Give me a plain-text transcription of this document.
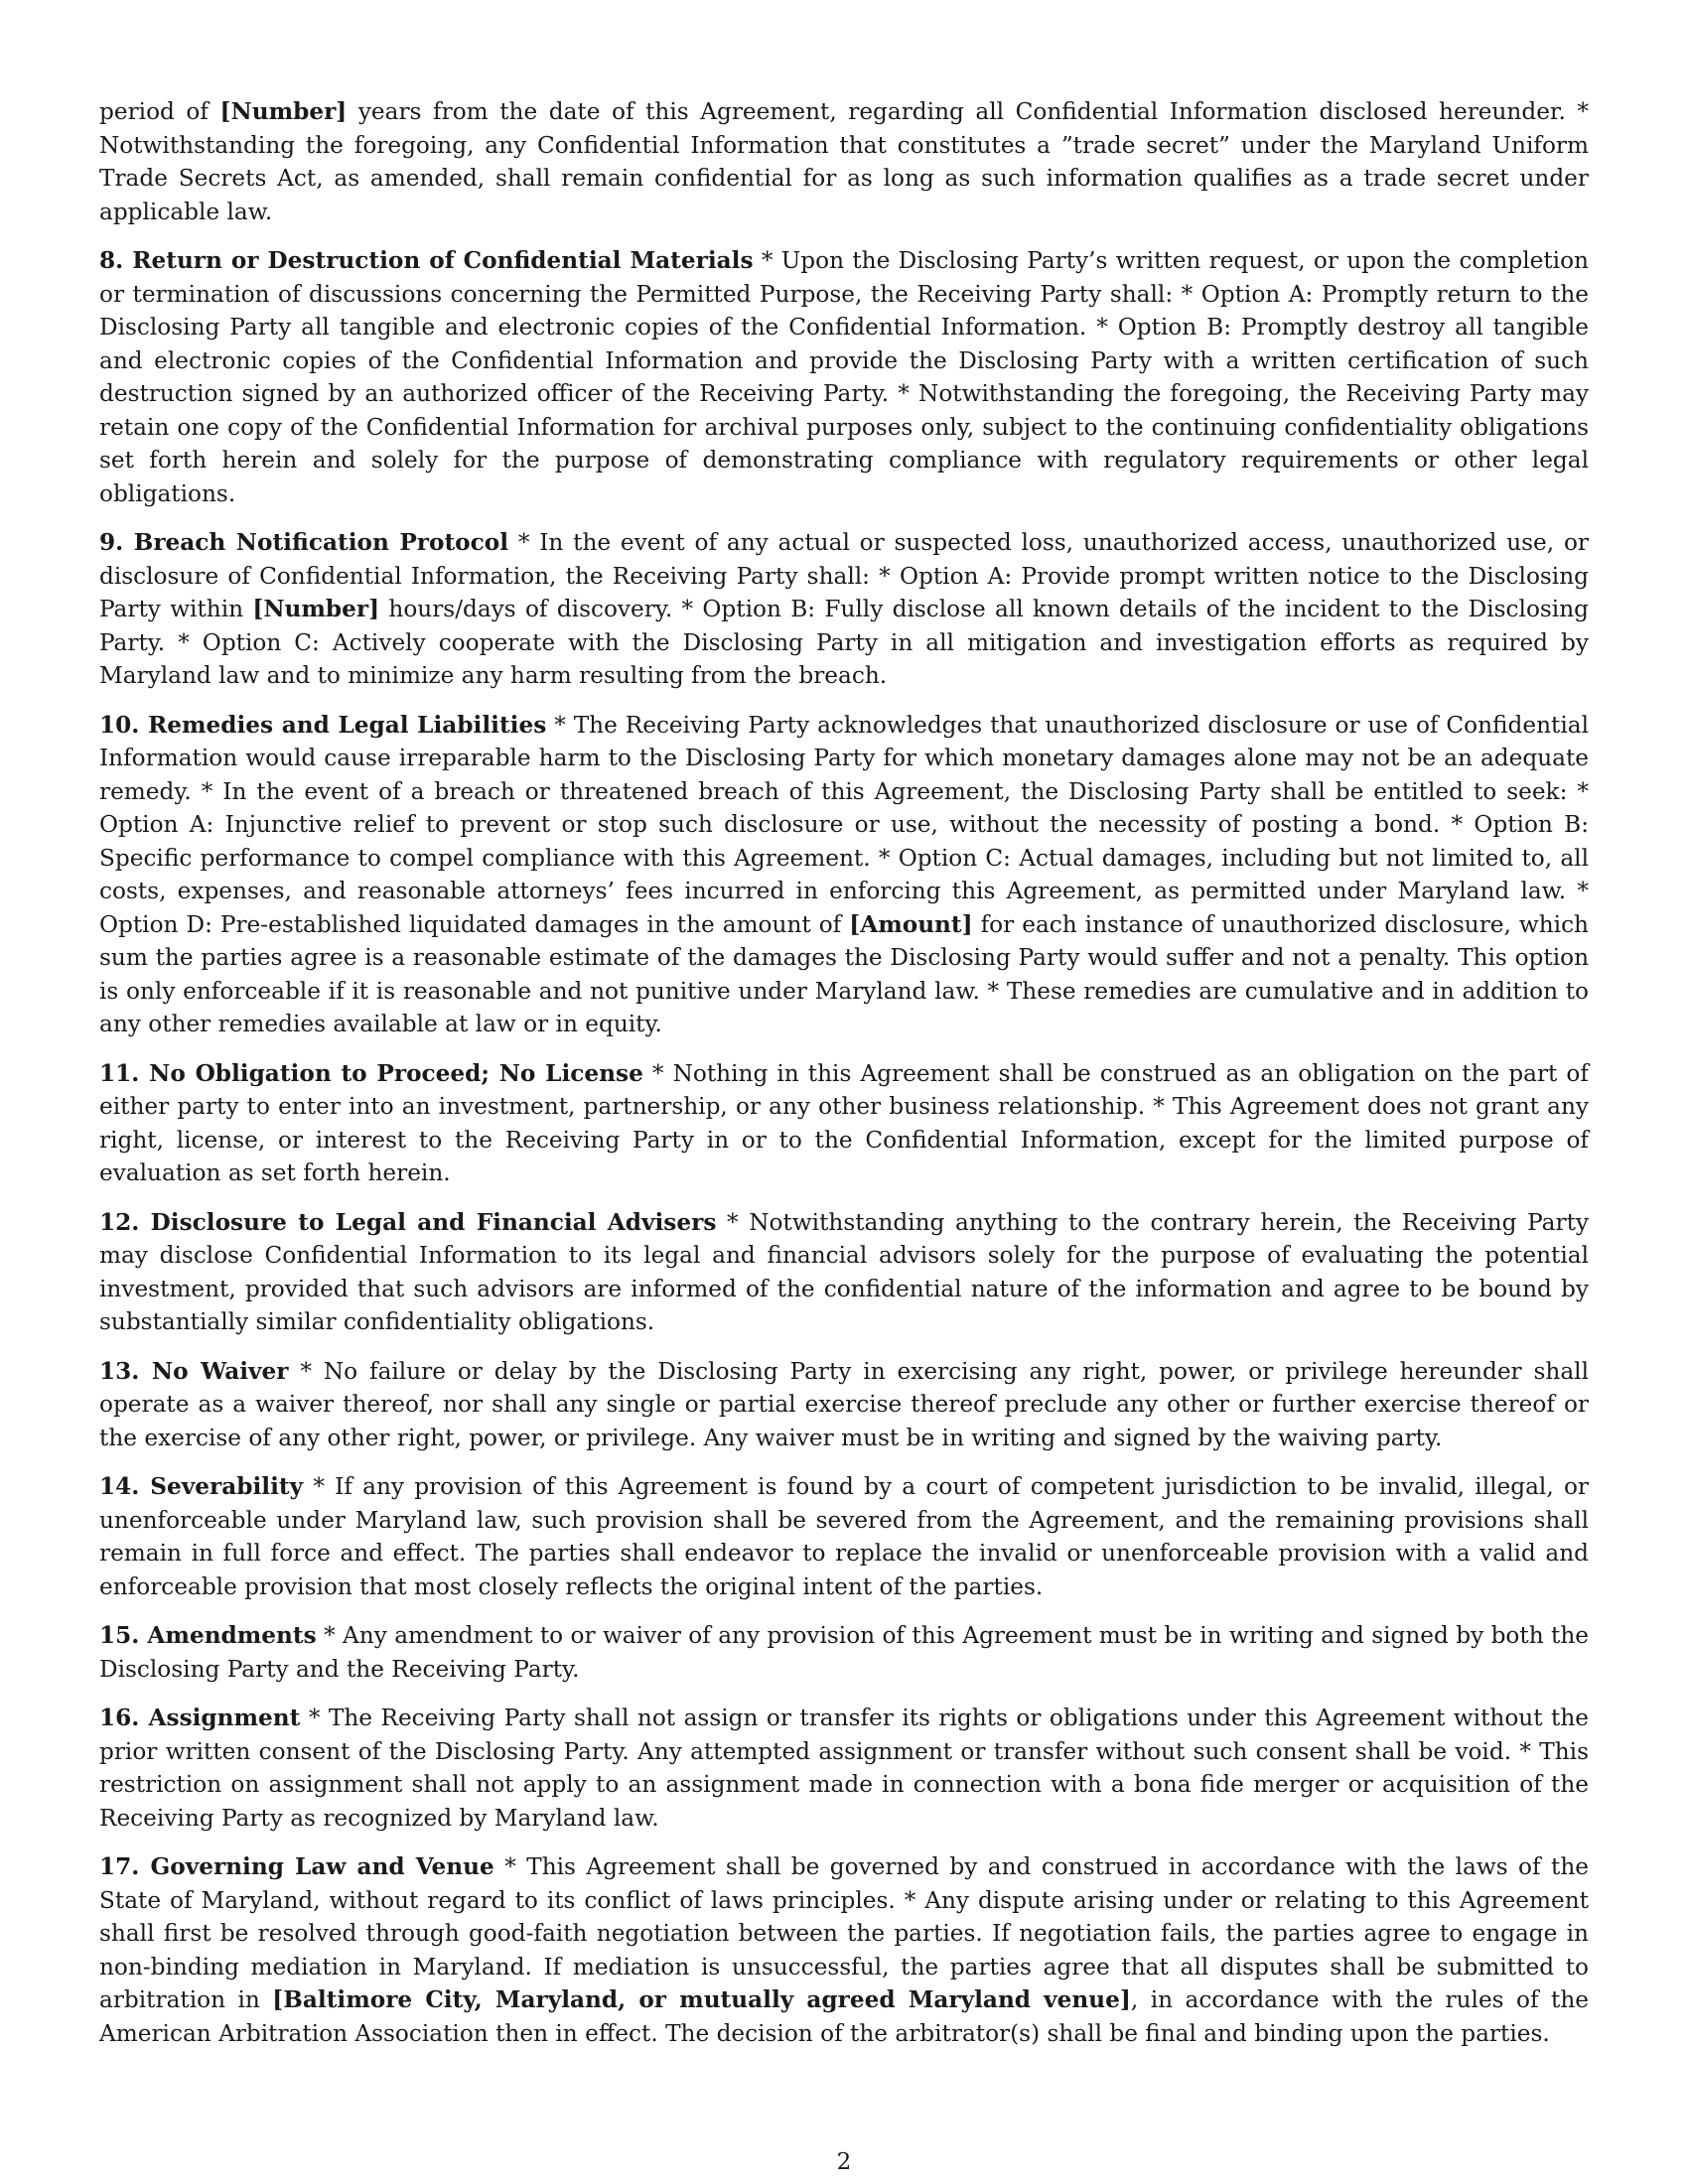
period of [Number] years from the date of this Agreement, regarding all Confidential Information disclosed hereunder. * Notwithstanding the foregoing, any Confidential Information that constitutes a ”trade secret” under the Maryland Uniform Trade Secrets Act, as amended, shall remain confidential for as long as such information qualifies as a trade secret under applicable law.

8. Return or Destruction of Confidential Materials * Upon the Disclosing Party’s written request, or upon the completion or termination of discussions concerning the Permitted Purpose, the Receiving Party shall: * Option A: Promptly return to the Disclosing Party all tangible and electronic copies of the Confidential Information. * Option B: Promptly destroy all tangible and electronic copies of the Confidential Information and provide the Disclosing Party with a written certification of such destruction signed by an authorized officer of the Receiving Party. * Notwithstanding the foregoing, the Receiving Party may retain one copy of the Confidential Information for archival purposes only, subject to the continuing confidentiality obligations set forth herein and solely for the purpose of demonstrating compliance with regulatory requirements or other legal obligations.

9. Breach Notification Protocol * In the event of any actual or suspected loss, unauthorized access, unauthorized use, or disclosure of Confidential Information, the Receiving Party shall: * Option A: Provide prompt written notice to the Disclosing Party within [Number] hours/days of discovery. * Option B: Fully disclose all known details of the incident to the Disclosing Party. * Option C: Actively cooperate with the Disclosing Party in all mitigation and investigation efforts as required by Maryland law and to minimize any harm resulting from the breach.

10. Remedies and Legal Liabilities * The Receiving Party acknowledges that unauthorized disclosure or use of Confidential Information would cause irreparable harm to the Disclosing Party for which monetary damages alone may not be an adequate remedy. * In the event of a breach or threatened breach of this Agreement, the Disclosing Party shall be entitled to seek: * Option A: Injunctive relief to prevent or stop such disclosure or use, without the necessity of posting a bond. * Option B: Specific performance to compel compliance with this Agreement. * Option C: Actual damages, including but not limited to, all costs, expenses, and reasonable attorneys’ fees incurred in enforcing this Agreement, as permitted under Maryland law. * Option D: Pre-established liquidated damages in the amount of [Amount] for each instance of unauthorized disclosure, which sum the parties agree is a reasonable estimate of the damages the Disclosing Party would suffer and not a penalty. This option is only enforceable if it is reasonable and not punitive under Maryland law. * These remedies are cumulative and in addition to any other remedies available at law or in equity.

11. No Obligation to Proceed; No License * Nothing in this Agreement shall be construed as an obligation on the part of either party to enter into an investment, partnership, or any other business relationship. * This Agreement does not grant any right, license, or interest to the Receiving Party in or to the Confidential Information, except for the limited purpose of evaluation as set forth herein.

12. Disclosure to Legal and Financial Advisers * Notwithstanding anything to the contrary herein, the Receiving Party may disclose Confidential Information to its legal and financial advisors solely for the purpose of evaluating the potential investment, provided that such advisors are informed of the confidential nature of the information and agree to be bound by substantially similar confidentiality obligations.

13. No Waiver * No failure or delay by the Disclosing Party in exercising any right, power, or privilege hereunder shall operate as a waiver thereof, nor shall any single or partial exercise thereof preclude any other or further exercise thereof or the exercise of any other right, power, or privilege. Any waiver must be in writing and signed by the waiving party.

14. Severability * If any provision of this Agreement is found by a court of competent jurisdiction to be invalid, illegal, or unenforceable under Maryland law, such provision shall be severed from the Agreement, and the remaining provisions shall remain in full force and effect. The parties shall endeavor to replace the invalid or unenforceable provision with a valid and enforceable provision that most closely reflects the original intent of the parties.

15. Amendments * Any amendment to or waiver of any provision of this Agreement must be in writing and signed by both the Disclosing Party and the Receiving Party.

16. Assignment * The Receiving Party shall not assign or transfer its rights or obligations under this Agreement without the prior written consent of the Disclosing Party. Any attempted assignment or transfer without such consent shall be void. * This restriction on assignment shall not apply to an assignment made in connection with a bona fide merger or acquisition of the Receiving Party as recognized by Maryland law.

17. Governing Law and Venue * This Agreement shall be governed by and construed in accordance with the laws of the State of Maryland, without regard to its conflict of laws principles. * Any dispute arising under or relating to this Agreement shall first be resolved through good-faith negotiation between the parties. If negotiation fails, the parties agree to engage in non-binding mediation in Maryland. If mediation is unsuccessful, the parties agree that all disputes shall be submitted to arbitration in [Baltimore City, Maryland, or mutually agreed Maryland venue], in accordance with the rules of the American Arbitration Association then in effect. The decision of the arbitrator(s) shall be final and binding upon the parties.

2
